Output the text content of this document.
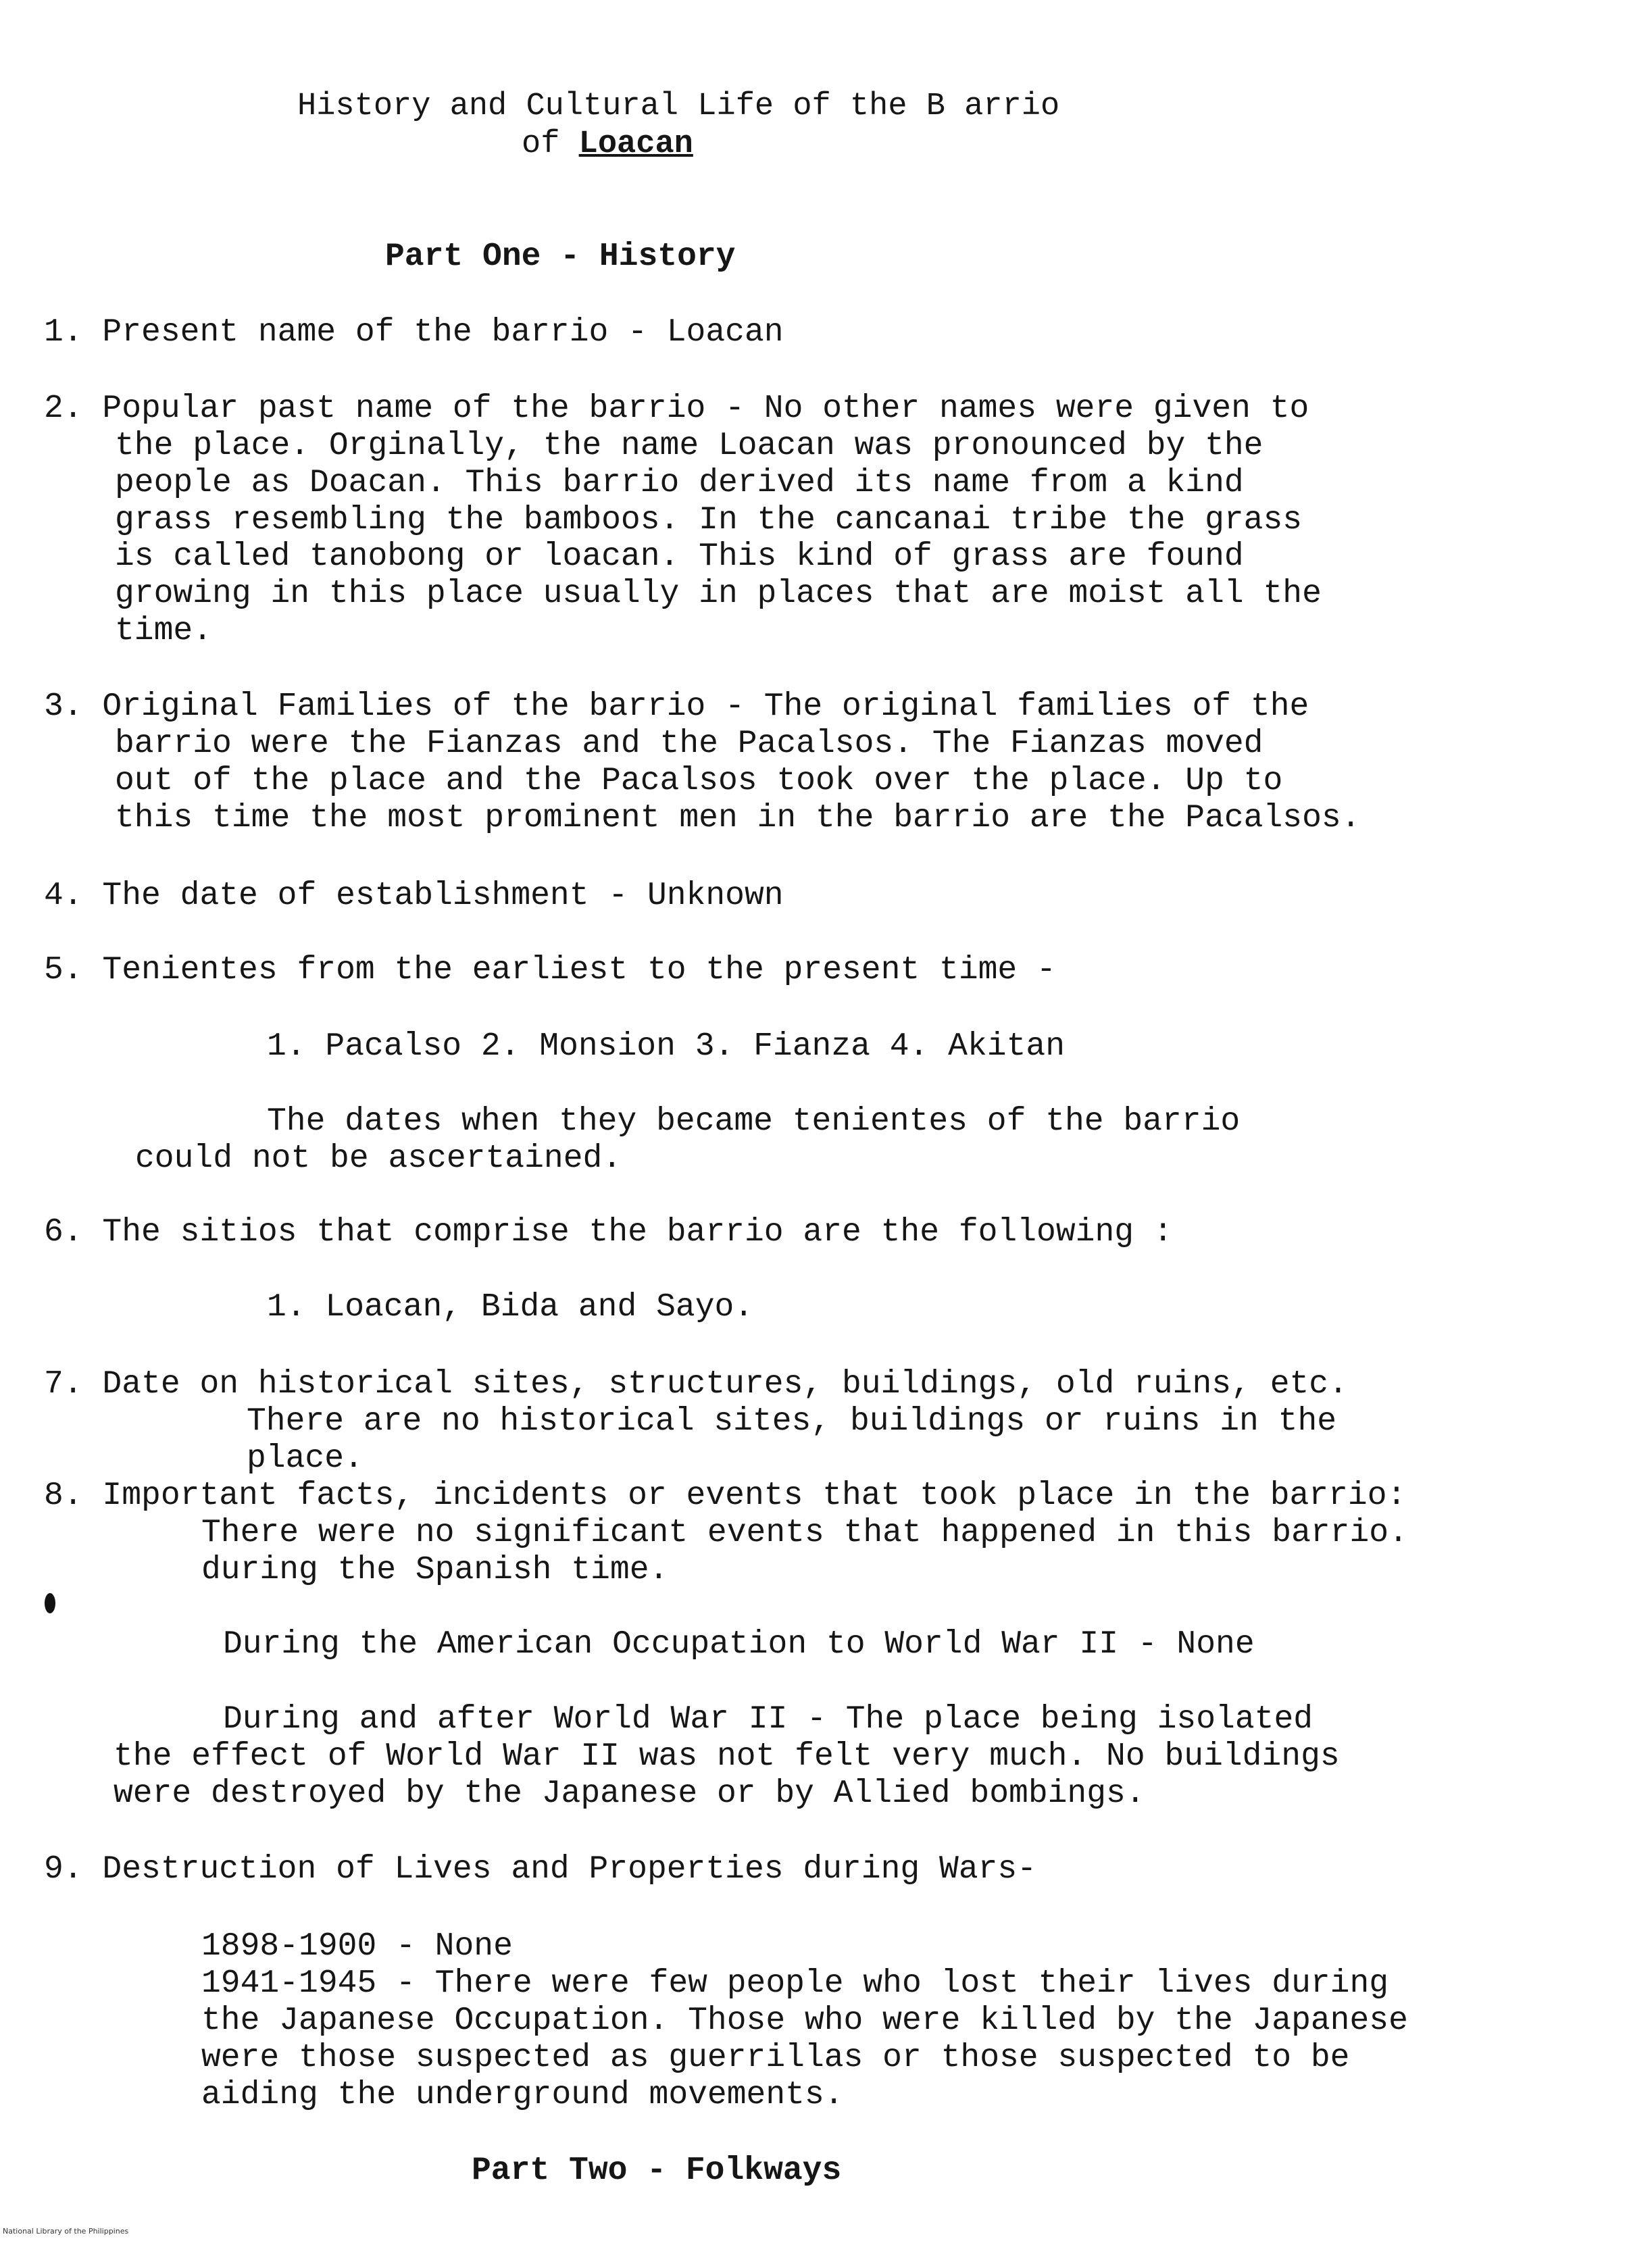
History and Cultural Life of the B arrio
of Loacan
Part One - History
1. Present name of the barrio - Loacan
2. Popular past name of the barrio - No other names were given to
the place. Orginally, the name Loacan was pronounced by the
people as Doacan. This barrio derived its name from a kind
grass resembling the bamboos. In the cancanai tribe the grass
is called tanobong or loacan. This kind of grass are found
growing in this place usually in places that are moist all the
time.
3. Original Families of the barrio - The original families of the
barrio were the Fianzas and the Pacalsos. The Fianzas moved
out of the place and the Pacalsos took over the place. Up to
this time the most prominent men in the barrio are the Pacalsos.
4. The date of establishment - Unknown
5. Tenientes from the earliest to the present time -
1. Pacalso 2. Monsion 3. Fianza 4. Akitan
The dates when they became tenientes of the barrio
could not be ascertained.
6. The sitios that comprise the barrio are the following :
1. Loacan, Bida and Sayo.
7. Date on historical sites, structures, buildings, old ruins, etc.
There are no historical sites, buildings or ruins in the
place.
8. Important facts, incidents or events that took place in the barrio:
There were no significant events that happened in this barrio.
during the Spanish time.
During the American Occupation to World War II - None
During and after World War II - The place being isolated
the effect of World War II was not felt very much. No buildings
were destroyed by the Japanese or by Allied bombings.
9. Destruction of Lives and Properties during Wars-
1898-1900 - None
1941-1945 - There were few people who lost their lives during
the Japanese Occupation. Those who were killed by the Japanese
were those suspected as guerrillas or those suspected to be
aiding the underground movements.
Part Two - Folkways
National Library of the Philippines
